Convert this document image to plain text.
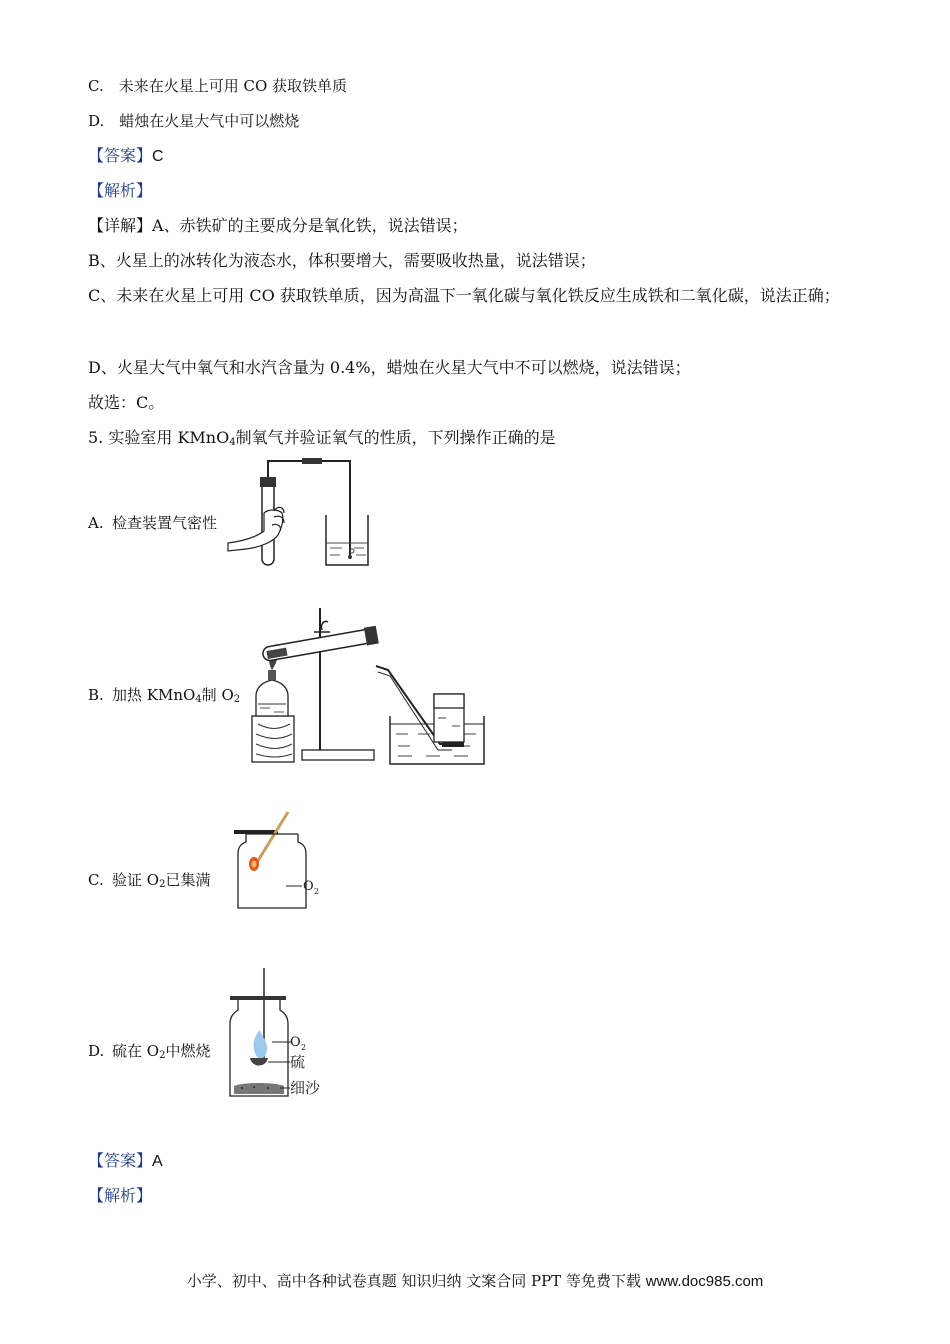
C.　未来在火星上可用 CO 获取铁单质
D.　蜡烛在火星大气中可以燃烧
【答案】C
【解析】
【详解】A、赤铁矿的主要成分是氧化铁，说法错误；
B、火星上的冰转化为液态水，体积要增大，需要吸收热量，说法错误；
C、未来在火星上可用 CO 获取铁单质，因为高温下一氧化碳与氧化铁反应生成铁和二氧化碳，说法正确；
D、火星大气中氧气和水汽含量为 0.4%，蜡烛在火星大气中不可以燃烧，说法错误；
故选：C。
5. 实验室用 KMnO$_4$制氧气并验证氧气的性质，下列操作正确的是
A. 检查装置气密性
B. 加热 KMnO$_4$制 $O_2$
C. 验证 $O_2$已集满	O 2
D. 硫在 $O_2$中燃烧	O 2
硫
细沙
【答案】A
【解析】
小学、初中、高中各种试卷真题 知识归纳 文案合同 PPT 等免费下载 www.doc985.com
